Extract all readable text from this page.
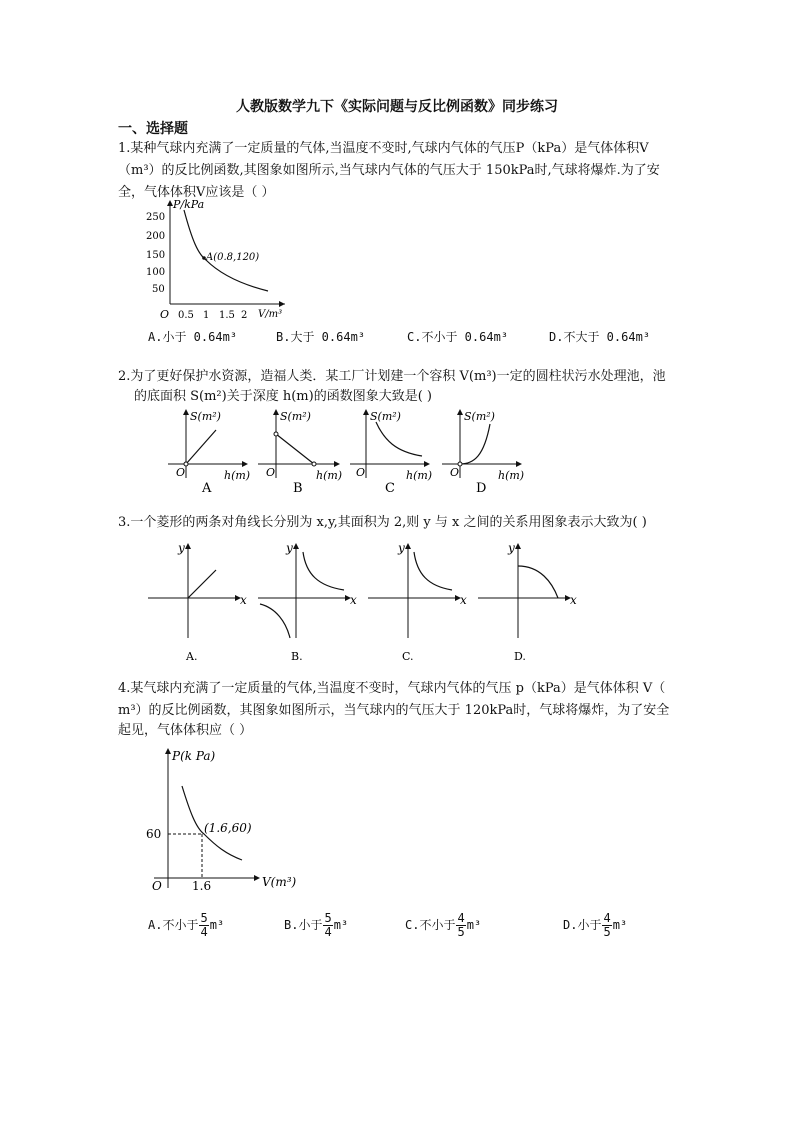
人教版数学九下《实际问题与反比例函数》同步练习
一、选择题
1.某种气球内充满了一定质量的气体,当温度不变时,气球内气体的气压P（kPa）是气体体积V
（m³）的反比例函数,其图象如图所示,当气球内气体的气压大于 150kPa时,气球将爆炸.为了安
全，气体体积V应该是（ ）
P/kPa
V/m³
O
250
200
150
100
50
0.5 1 1.5 2
A(0.8,120)
A.小于 0.64m³	B.大于 0.64m³	C.不小于 0.64m³	D.不大于 0.64m³
2.为了更好保护水资源，造福人类．某工厂计划建一个容积 V(m³)一定的圆柱状污水处理池，池
的底面积 S(m²)关于深度 h(m)的函数图象大致是( )
S(m²)
h(m)
O
S(m²)
h(m)
O
S(m²)
h(m)
O
S(m²)
h(m)
O
A	B	C	D
3.一个菱形的两条对角线长分别为 x,y,其面积为 2,则 y 与 x 之间的关系用图象表示大致为( )
y
x
y
x
y
x
y
x
A.	B.	C.	D.
4.某气球内充满了一定质量的气体,当温度不变时，气球内气体的气压 p（kPa）是气体体积 V（
m³）的反比例函数，其图象如图所示，当气球内的气压大于 120kPa时，气球将爆炸，为了安全
起见，气体体积应（ ）
P(k Pa)
V(m³)
O
60
1.6
(1.6,60)
A.不小于 $\frac{5}{4} m^3$	B.小于 $\frac{5}{4} m^3$	C.不小于 $\frac{4}{5} m^3$	D.小于 $\frac{4}{5} m^3$
